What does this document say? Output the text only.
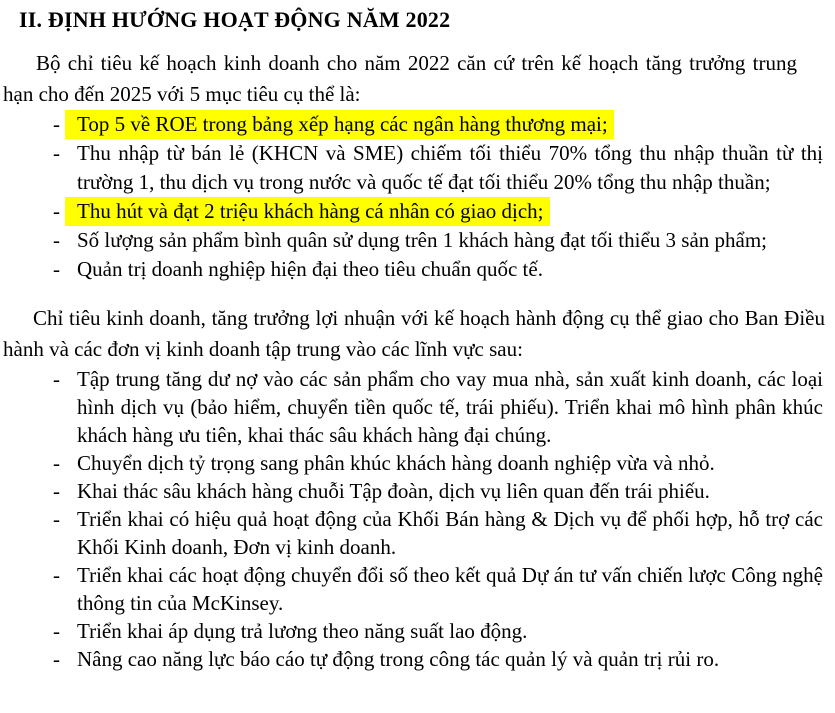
II. ĐỊNH HƯỚNG HOẠT ĐỘNG NĂM 2022

Bộ chỉ tiêu kế hoạch kinh doanh cho năm 2022 căn cứ trên kế hoạch tăng trưởng trung hạn cho đến 2025 với 5 mục tiêu cụ thể là:

- Top 5 về ROE trong bảng xếp hạng các ngân hàng thương mại;
- Thu nhập từ bán lẻ (KHCN và SME) chiếm tối thiểu 70% tổng thu nhập thuần từ thị trường 1, thu dịch vụ trong nước và quốc tế đạt tối thiểu 20% tổng thu nhập thuần;
- Thu hút và đạt 2 triệu khách hàng cá nhân có giao dịch;
- Số lượng sản phẩm bình quân sử dụng trên 1 khách hàng đạt tối thiểu 3 sản phẩm;
- Quản trị doanh nghiệp hiện đại theo tiêu chuẩn quốc tế.

Chỉ tiêu kinh doanh, tăng trưởng lợi nhuận với kế hoạch hành động cụ thể giao cho Ban Điều hành và các đơn vị kinh doanh tập trung vào các lĩnh vực sau:

- Tập trung tăng dư nợ vào các sản phẩm cho vay mua nhà, sản xuất kinh doanh, các loại hình dịch vụ (bảo hiểm, chuyển tiền quốc tế, trái phiếu). Triển khai mô hình phân khúc khách hàng ưu tiên, khai thác sâu khách hàng đại chúng.
- Chuyển dịch tỷ trọng sang phân khúc khách hàng doanh nghiệp vừa và nhỏ.
- Khai thác sâu khách hàng chuỗi Tập đoàn, dịch vụ liên quan đến trái phiếu.
- Triển khai có hiệu quả hoạt động của Khối Bán hàng & Dịch vụ để phối hợp, hỗ trợ các Khối Kinh doanh, Đơn vị kinh doanh.
- Triển khai các hoạt động chuyển đổi số theo kết quả Dự án tư vấn chiến lược Công nghệ thông tin của McKinsey.
- Triển khai áp dụng trả lương theo năng suất lao động.
- Nâng cao năng lực báo cáo tự động trong công tác quản lý và quản trị rủi ro.
